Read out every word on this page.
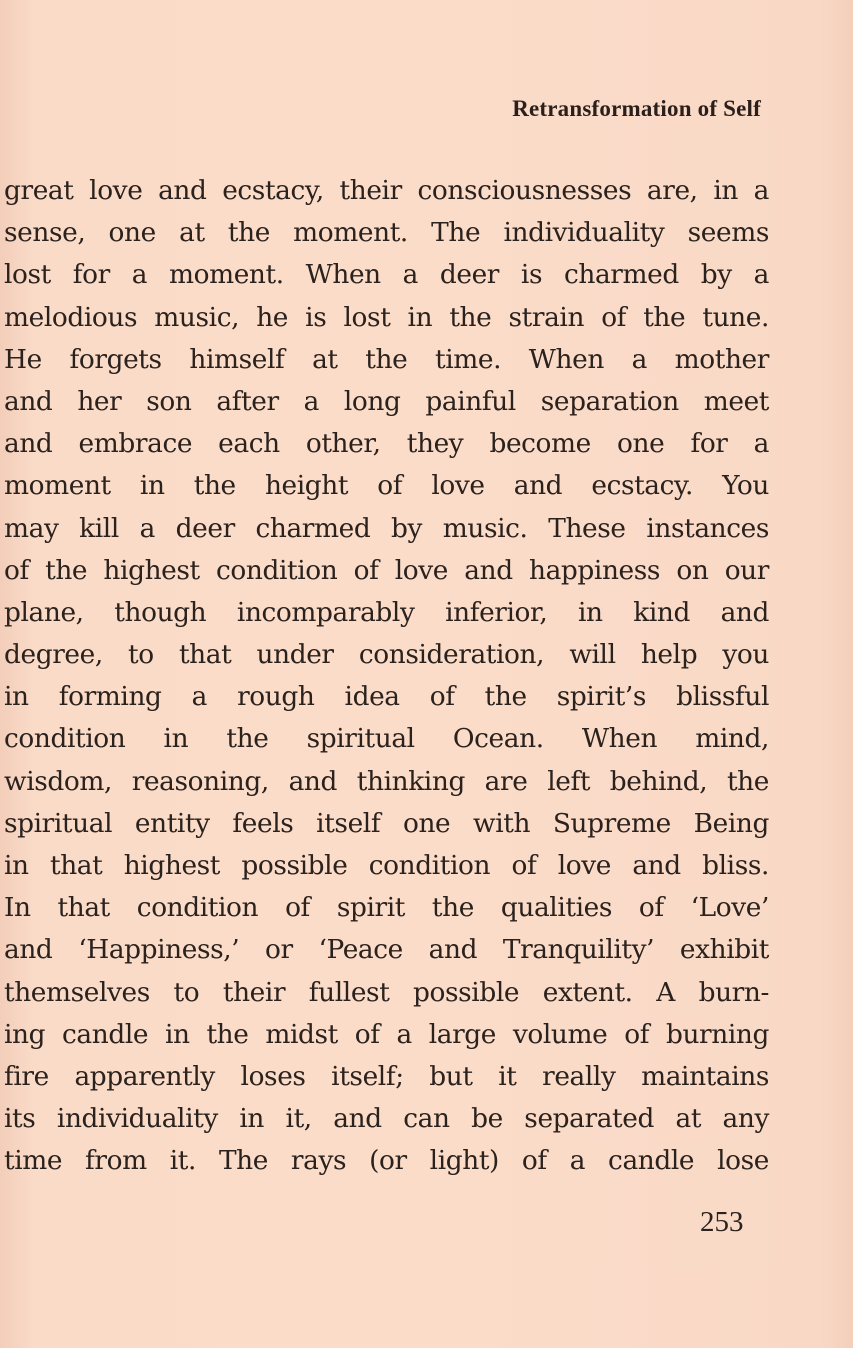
Retransformation of Self
great love and ecstacy, their consciousnesses are, in a
sense, one at the moment. The individuality seems
lost for a moment. When a deer is charmed by a
melodious music, he is lost in the strain of the tune.
He forgets himself at the time. When a mother
and her son after a long painful separation meet
and embrace each other, they become one for a
moment in the height of love and ecstacy. You
may kill a deer charmed by music. These instances
of the highest condition of love and happiness on our
plane, though incomparably inferior, in kind and
degree, to that under consideration, will help you
in forming a rough idea of the spirit’s blissful
condition in the spiritual Ocean. When mind,
wisdom, reasoning, and thinking are left behind, the
spiritual entity feels itself one with Supreme Being
in that highest possible condition of love and bliss.
In that condition of spirit the qualities of ‘Love’
and ‘Happiness,’ or ‘Peace and Tranquility’ exhibit
themselves to their fullest possible extent. A burn-
ing candle in the midst of a large volume of burning
fire apparently loses itself; but it really maintains
its individuality in it, and can be separated at any
time from it. The rays (or light) of a candle lose
253
